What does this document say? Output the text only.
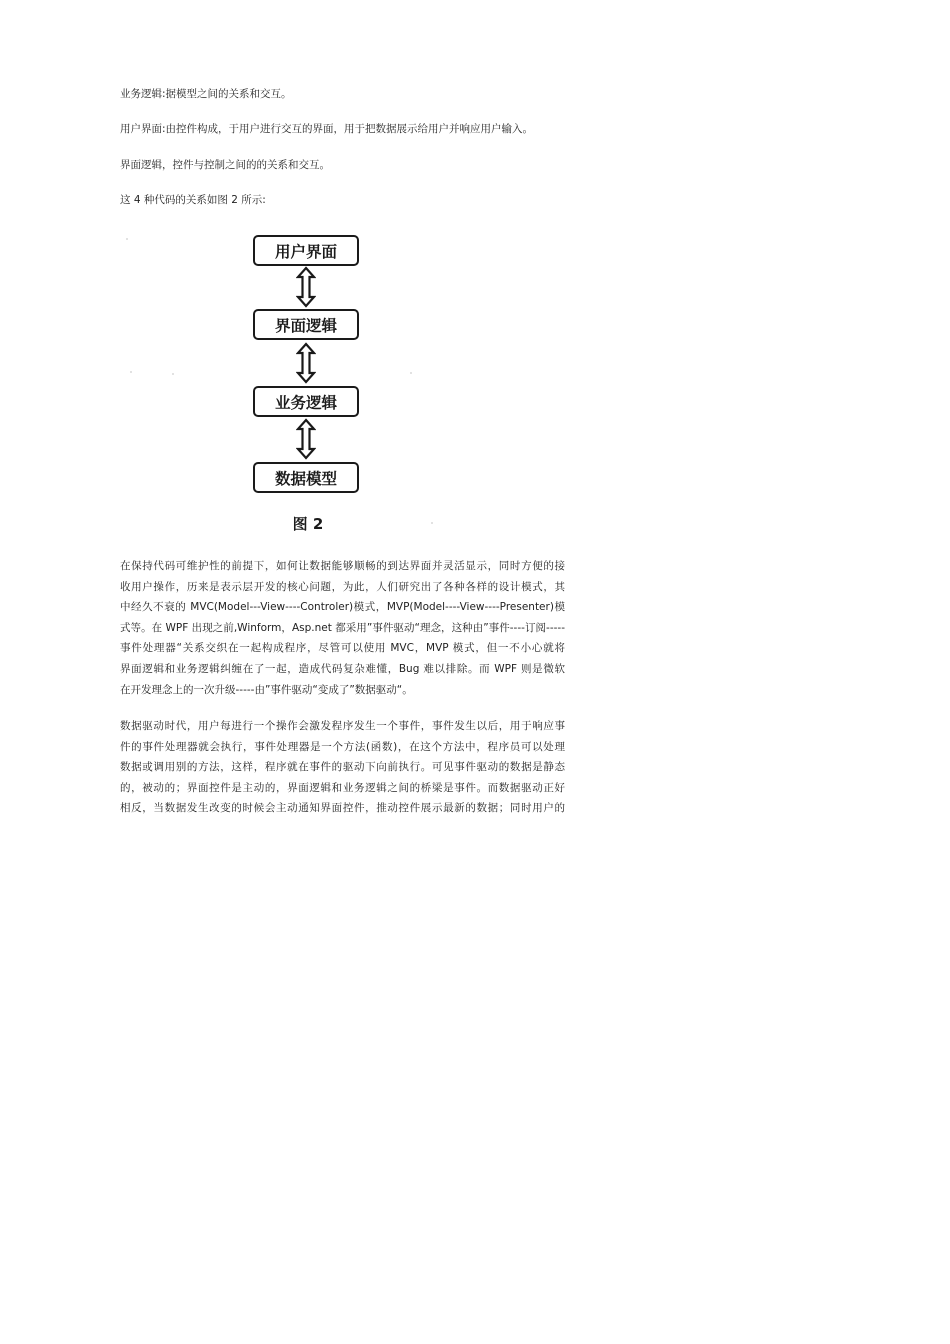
业务逻辑:据模型之间的关系和交互。
用户界面:由控件构成，于用户进行交互的界面，用于把数据展示给用户并响应用户输入。
界面逻辑，控件与控制之间的的关系和交互。
这 4 种代码的关系如图 2 所示:
用户界面
界面逻辑
业务逻辑
数据模型
图 2
在保持代码可维护性的前提下，如何让数据能够顺畅的到达界面并灵活显示，同时方便的接
收用户操作，历来是表示层开发的核心问题，为此，人们研究出了各种各样的设计模式，其
中经久不衰的 MVC(Model---View----Controler)模式，MVP(Model----View----Presenter)模
式等。在 WPF 出现之前,Winform，Asp.net 都采用”事件驱动“理念，这种由”事件----订阅-----
事件处理器“关系交织在一起构成程序，尽管可以使用 MVC，MVP 模式，但一不小心就将
界面逻辑和业务逻辑纠缠在了一起，造成代码复杂难懂，Bug 难以排除。而 WPF 则是微软
在开发理念上的一次升级-----由”事件驱动“变成了”数据驱动“。
数据驱动时代，用户每进行一个操作会激发程序发生一个事件，事件发生以后，用于响应事
件的事件处理器就会执行，事件处理器是一个方法(函数)，在这个方法中，程序员可以处理
数据或调用别的方法，这样，程序就在事件的驱动下向前执行。可见事件驱动的数据是静态
的，被动的；界面控件是主动的，界面逻辑和业务逻辑之间的桥梁是事件。而数据驱动正好
相反，当数据发生改变的时候会主动通知界面控件，推动控件展示最新的数据；同时用户的
